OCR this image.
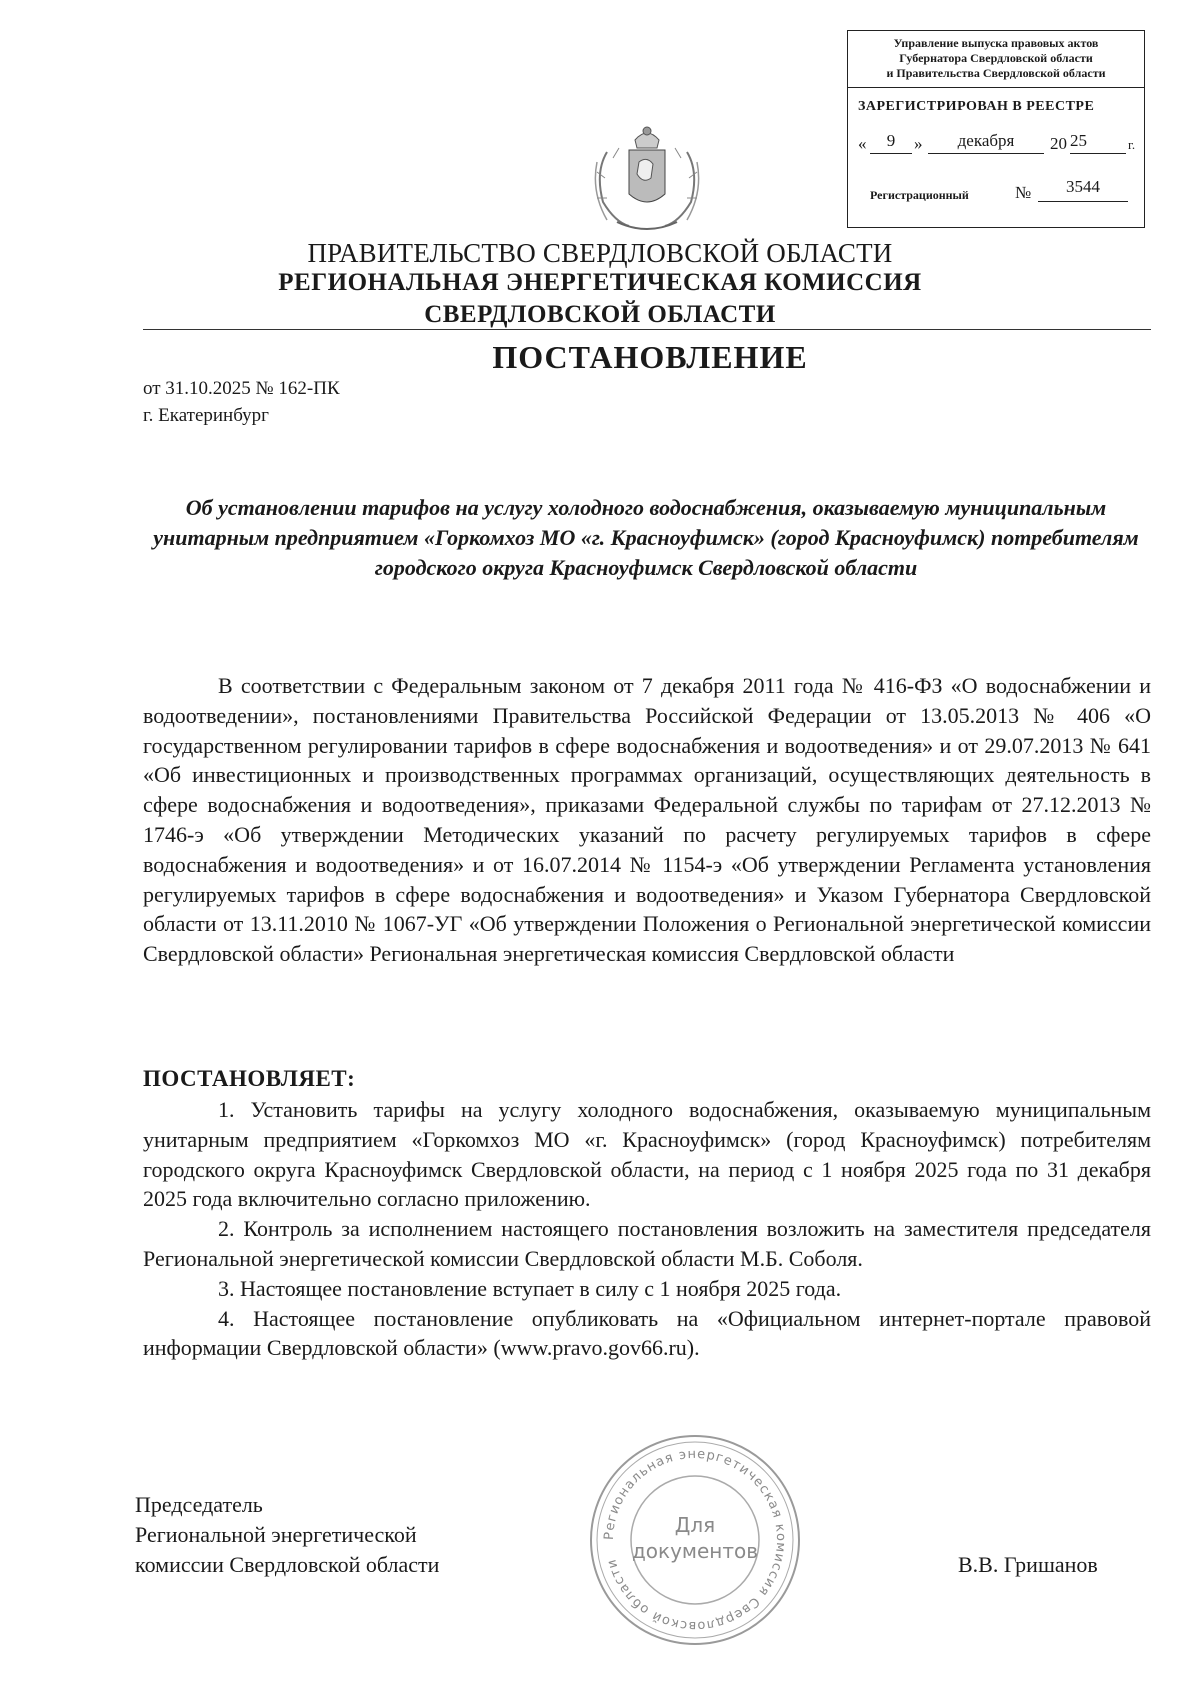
Управление выпуска правовых актов
Губернатора Свердловской области
и Правительства Свердловской области
ЗАРЕГИСТРИРОВАН В РЕЕСТРЕ
«	9	»	декабря	20 25	г.
Регистрационный	№	3544
ПРАВИТЕЛЬСТВО СВЕРДЛОВСКОЙ ОБЛАСТИ
РЕГИОНАЛЬНАЯ ЭНЕРГЕТИЧЕСКАЯ КОМИССИЯ
СВЕРДЛОВСКОЙ ОБЛАСТИ
ПОСТАНОВЛЕНИЕ
от 31.10.2025 № 162-ПК
г. Екатеринбург
Об установлении тарифов на услугу холодного водоснабжения, оказываемую муниципальным унитарным предприятием «Горкомхоз МО «г. Красноуфимск» (город Красноуфимск) потребителям городского округа Красноуфимск Свердловской области
В соответствии с Федеральным законом от 7 декабря 2011 года № 416-ФЗ «О водоснабжении и водоотведении», постановлениями Правительства Российской Федерации от 13.05.2013 № 406 «О государственном регулировании тарифов в сфере водоснабжения и водоотведения» и от 29.07.2013 № 641 «Об инвестиционных и производственных программах организаций, осуществляющих деятельность в сфере водоснабжения и водоотведения», приказами Федеральной службы по тарифам от 27.12.2013 № 1746-э «Об утверждении Методических указаний по расчету регулируемых тарифов в сфере водоснабжения и водоотведения» и от 16.07.2014 № 1154-э «Об утверждении Регламента установления регулируемых тарифов в сфере водоснабжения и водоотведения» и Указом Губернатора Свердловской области от 13.11.2010 № 1067-УГ «Об утверждении Положения о Региональной энергетической комиссии Свердловской области» Региональная энергетическая комиссия Свердловской области
ПОСТАНОВЛЯЕТ:

1. Установить тарифы на услугу холодного водоснабжения, оказываемую муниципальным унитарным предприятием «Горкомхоз МО «г. Красноуфимск» (город Красноуфимск) потребителям городского округа Красноуфимск Свердловской области, на период с 1 ноября 2025 года по 31 декабря 2025 года включительно согласно приложению.

2. Контроль за исполнением настоящего постановления возложить на заместителя председателя Региональной энергетической комиссии Свердловской области М.Б. Соболя.

3. Настоящее постановление вступает в силу с 1 ноября 2025 года.

4. Настоящее постановление опубликовать на «Официальном интернет-портале правовой информации Свердловской области» (www.pravo.gov66.ru).

Региональная энергетическая комиссия Свердловской области
Для
документов
Председатель
Региональной энергетической
комиссии Свердловской области	В.В. Гришанов
